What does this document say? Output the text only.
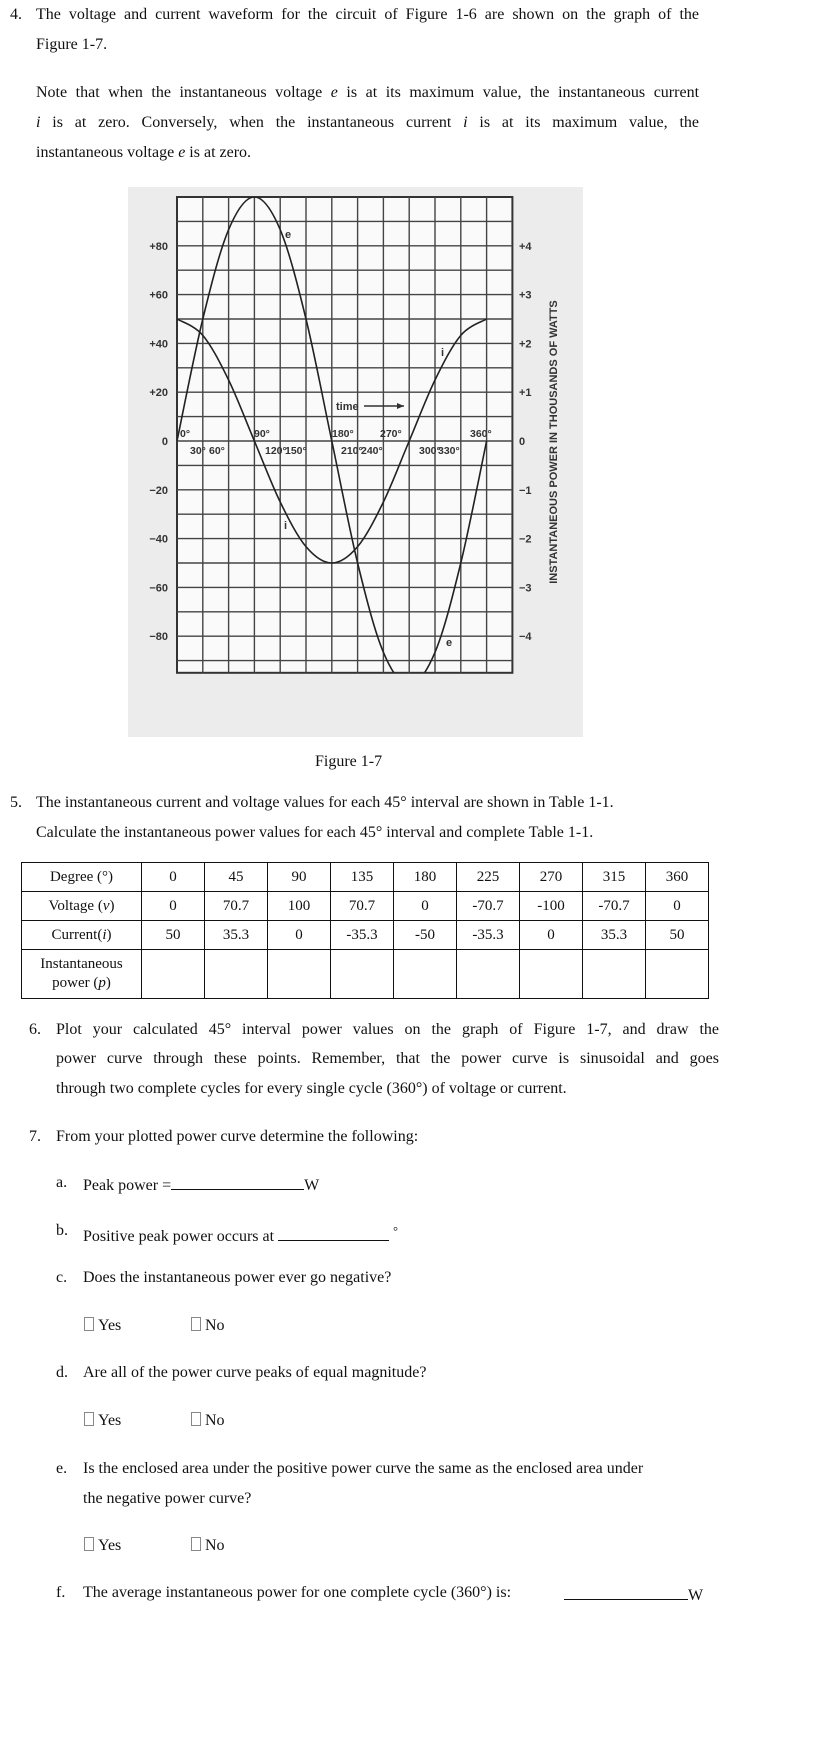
4. The voltage and current waveform for the circuit of Figure 1-6 are shown on the graph of the
Figure 1-7.
Note that when the instantaneous voltage e is at its maximum value, the instantaneous current
i is at zero. Conversely, when the instantaneous current i is at its maximum value, the
instantaneous voltage e is at zero.
+80	+4
+60	+3
+40	+2
+20	+1
0	0
−20	−1
−40	−2
−60	−3
−80	−4
INSTANTANEOUS POWER IN THOUSANDS OF WATTS
0°
30° 60°
90°
120°
150°
180°
210°
240°
270°
300°
330°
360°
time
e
i
i
e
Figure 1-7
5. The instantaneous current and voltage values for each 45° interval are shown in Table 1-1.
Calculate the instantaneous power values for each 45° interval and complete Table 1-1.
Degree (°)	0	45	90	135	180	225	270	315	360
Voltage (v)	0	70.7	100	70.7	0	-70.7	-100	-70.7	0
Current(i)	50	35.3	0	-35.3	-50	-35.3	0	35.3	50
Instantaneous
power (p)									
6. Plot your calculated 45° interval power values on the graph of Figure 1-7, and draw the
power curve through these points. Remember, that the power curve is sinusoidal and goes
through two complete cycles for every single cycle (360°) of voltage or current.
7. From your plotted power curve determine the following:
a. Peak power =	W
b. Positive peak power occurs at	°
c. Does the instantaneous power ever go negative?
Yes	No
d. Are all of the power curve peaks of equal magnitude?
Yes	No
e. Is the enclosed area under the positive power curve the same as the enclosed area under
the negative power curve?
Yes	No
f. The average instantaneous power for one complete cycle (360°) is:	W
